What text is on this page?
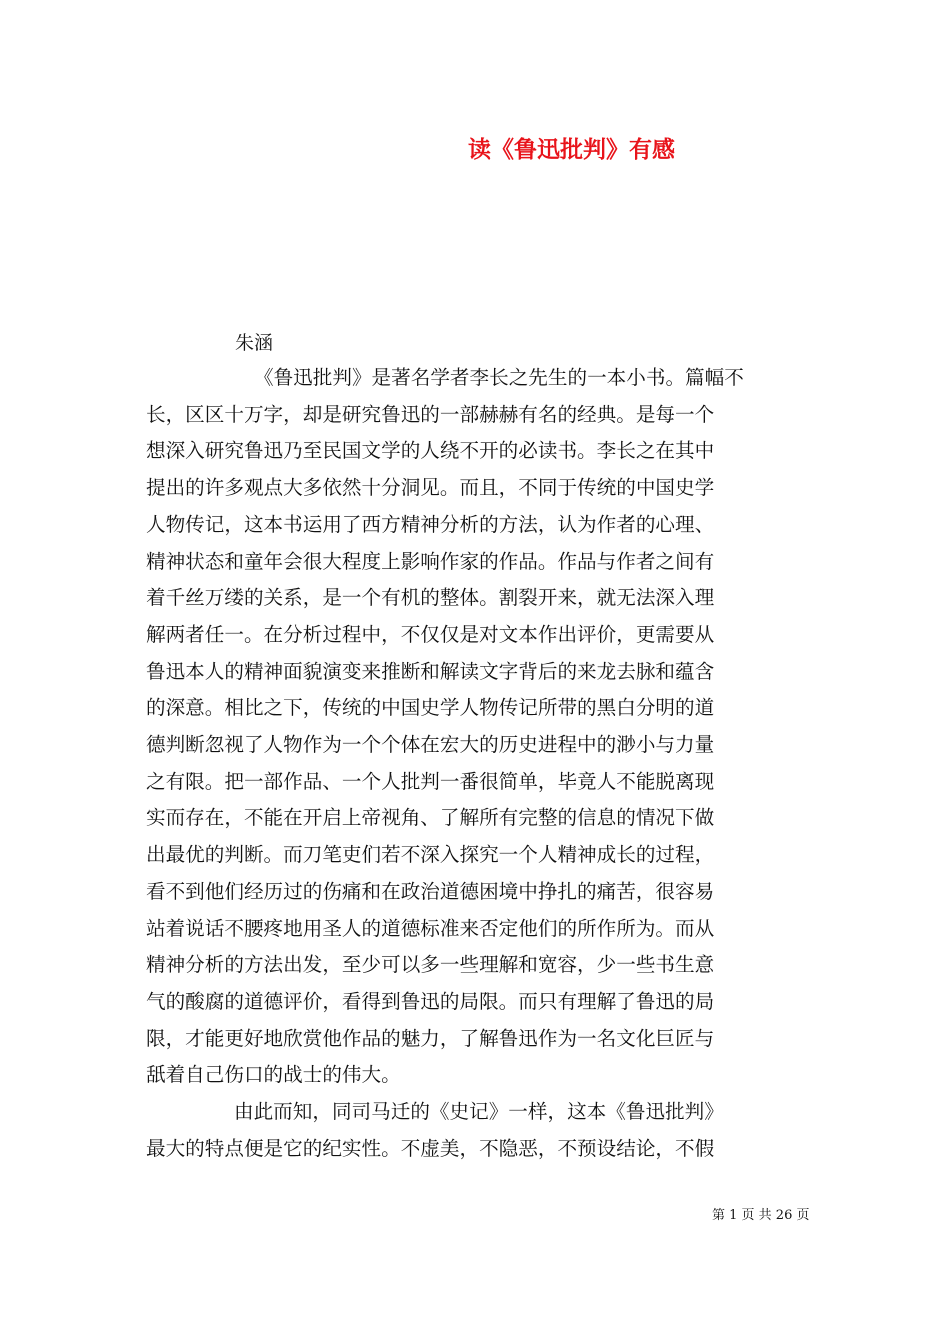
读《鲁迅批判》有感
朱涵
《鲁迅批判》是著名学者李长之先生的一本小书。篇幅不
长，区区十万字，却是研究鲁迅的一部赫赫有名的经典。是每一个
想深入研究鲁迅乃至民国文学的人绕不开的必读书。李长之在其中
提出的许多观点大多依然十分洞见。而且，不同于传统的中国史学
人物传记，这本书运用了西方精神分析的方法，认为作者的心理、
精神状态和童年会很大程度上影响作家的作品。作品与作者之间有
着千丝万缕的关系，是一个有机的整体。割裂开来，就无法深入理
解两者任一。在分析过程中，不仅仅是对文本作出评价，更需要从
鲁迅本人的精神面貌演变来推断和解读文字背后的来龙去脉和蕴含
的深意。相比之下，传统的中国史学人物传记所带的黑白分明的道
德判断忽视了人物作为一个个体在宏大的历史进程中的渺小与力量
之有限。把一部作品、一个人批判一番很简单，毕竟人不能脱离现
实而存在，不能在开启上帝视角、了解所有完整的信息的情况下做
出最优的判断。而刀笔吏们若不深入探究一个人精神成长的过程，
看不到他们经历过的伤痛和在政治道德困境中挣扎的痛苦，很容易
站着说话不腰疼地用圣人的道德标准来否定他们的所作所为。而从
精神分析的方法出发，至少可以多一些理解和宽容，少一些书生意
气的酸腐的道德评价，看得到鲁迅的局限。而只有理解了鲁迅的局
限，才能更好地欣赏他作品的魅力，了解鲁迅作为一名文化巨匠与
舐着自己伤口的战士的伟大。
由此而知，同司马迁的《史记》一样，这本《鲁迅批判》
最大的特点便是它的纪实性。不虚美，不隐恶，不预设结论，不假
第 1 页 共 26 页
